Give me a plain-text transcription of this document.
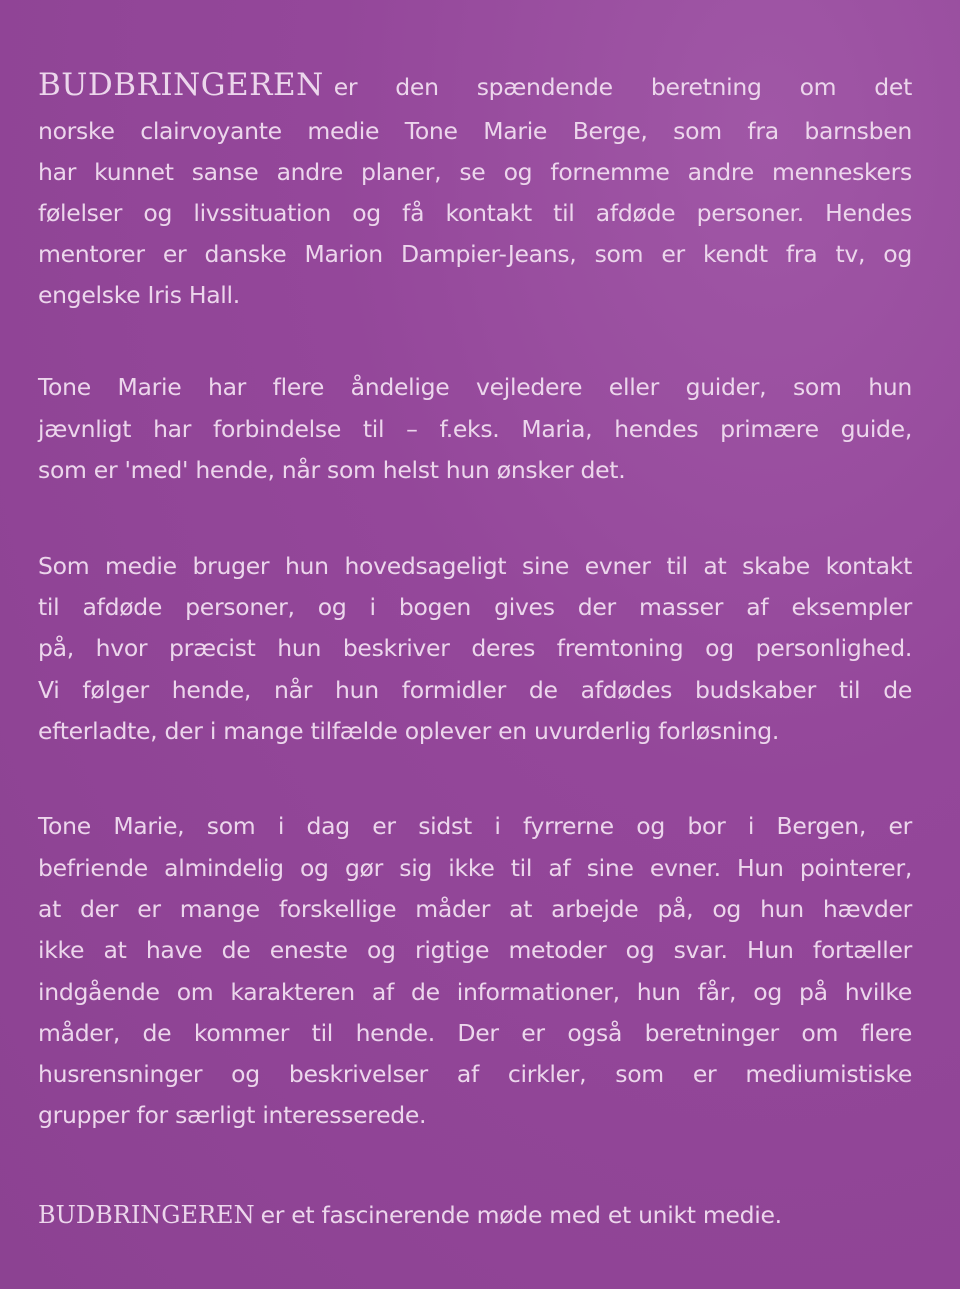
BUDBRINGEREN er den spændende beretning om det
norske clairvoyante medie Tone Marie Berge, som fra barnsben
har kunnet sanse andre planer, se og fornemme andre menneskers
følelser og livssituation og få kontakt til afdøde personer. Hendes
mentorer er danske Marion Dampier-Jeans, som er kendt fra tv, og
engelske Iris Hall.
Tone Marie har flere åndelige vejledere eller guider, som hun
jævnligt har forbindelse til – f.eks. Maria, hendes primære guide,
som er 'med' hende, når som helst hun ønsker det.
Som medie bruger hun hovedsageligt sine evner til at skabe kontakt
til afdøde personer, og i bogen gives der masser af eksempler
på, hvor præcist hun beskriver deres fremtoning og personlighed.
Vi følger hende, når hun formidler de afdødes budskaber til de
efterladte, der i mange tilfælde oplever en uvurderlig forløsning.
Tone Marie, som i dag er sidst i fyrrerne og bor i Bergen, er
befriende almindelig og gør sig ikke til af sine evner. Hun pointerer,
at der er mange forskellige måder at arbejde på, og hun hævder
ikke at have de eneste og rigtige metoder og svar. Hun fortæller
indgående om karakteren af de informationer, hun får, og på hvilke
måder, de kommer til hende. Der er også beretninger om flere
husrensninger og beskrivelser af cirkler, som er mediumistiske
grupper for særligt interesserede.
BUDBRINGEREN er et fascinerende møde med et unikt medie.
